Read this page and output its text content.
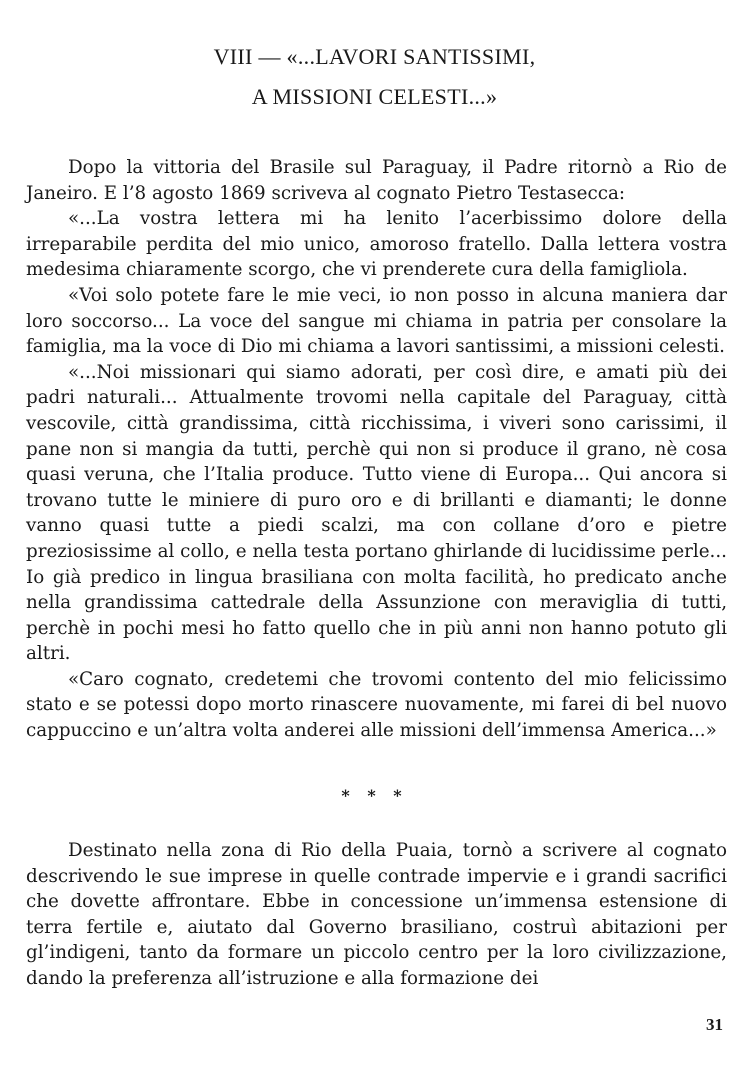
VIII — «...LAVORI SANTISSIMI,
A MISSIONI CELESTI...»

Dopo la vittoria del Brasile sul Paraguay, il Padre ritornò a Rio de Janeiro. E l’8 agosto 1869 scriveva al cognato Pietro Testasecca:

«...La vostra lettera mi ha lenito l’acerbissimo dolore della irreparabile perdita del mio unico, amoroso fratello. Dalla lettera vostra medesima chiaramente scorgo, che vi prenderete cura della famigliola.

«Voi solo potete fare le mie veci, io non posso in alcuna maniera dar loro soccorso... La voce del sangue mi chiama in patria per consolare la famiglia, ma la voce di Dio mi chiama a lavori santissimi, a missioni celesti.

«...Noi missionari qui siamo adorati, per così dire, e amati più dei padri naturali... Attualmente trovomi nella capitale del Paraguay, città vescovile, città grandissima, città ricchissima, i viveri sono carissimi, il pane non si mangia da tutti, perchè qui non si produce il grano, nè cosa quasi veruna, che l’Italia produce. Tutto viene di Europa... Qui ancora si trovano tutte le miniere di puro oro e di brillanti e diamanti; le donne vanno quasi tutte a piedi scalzi, ma con collane d’oro e pietre preziosissime al collo, e nella testa portano ghirlande di lucidissime perle... Io già predico in lingua brasiliana con molta facilità, ho predicato anche nella grandissima cattedrale della Assunzione con meraviglia di tutti, perchè in pochi mesi ho fatto quello che in più anni non hanno potuto gli altri.

«Caro cognato, credetemi che trovomi contento del mio felicissimo stato e se potessi dopo morto rinascere nuovamente, mi farei di bel nuovo cappuccino e un’altra volta anderei alle missioni dell’immensa America...»

* * *

Destinato nella zona di Rio della Puaia, tornò a scrivere al cognato descrivendo le sue imprese in quelle contrade impervie e i grandi sacrifici che dovette affrontare. Ebbe in concessione un’immensa estensione di terra fertile e, aiutato dal Governo brasiliano, costruì abitazioni per gl’indigeni, tanto da formare un piccolo centro per la loro civilizzazione, dando la preferenza all’istruzione e alla formazione dei

31
